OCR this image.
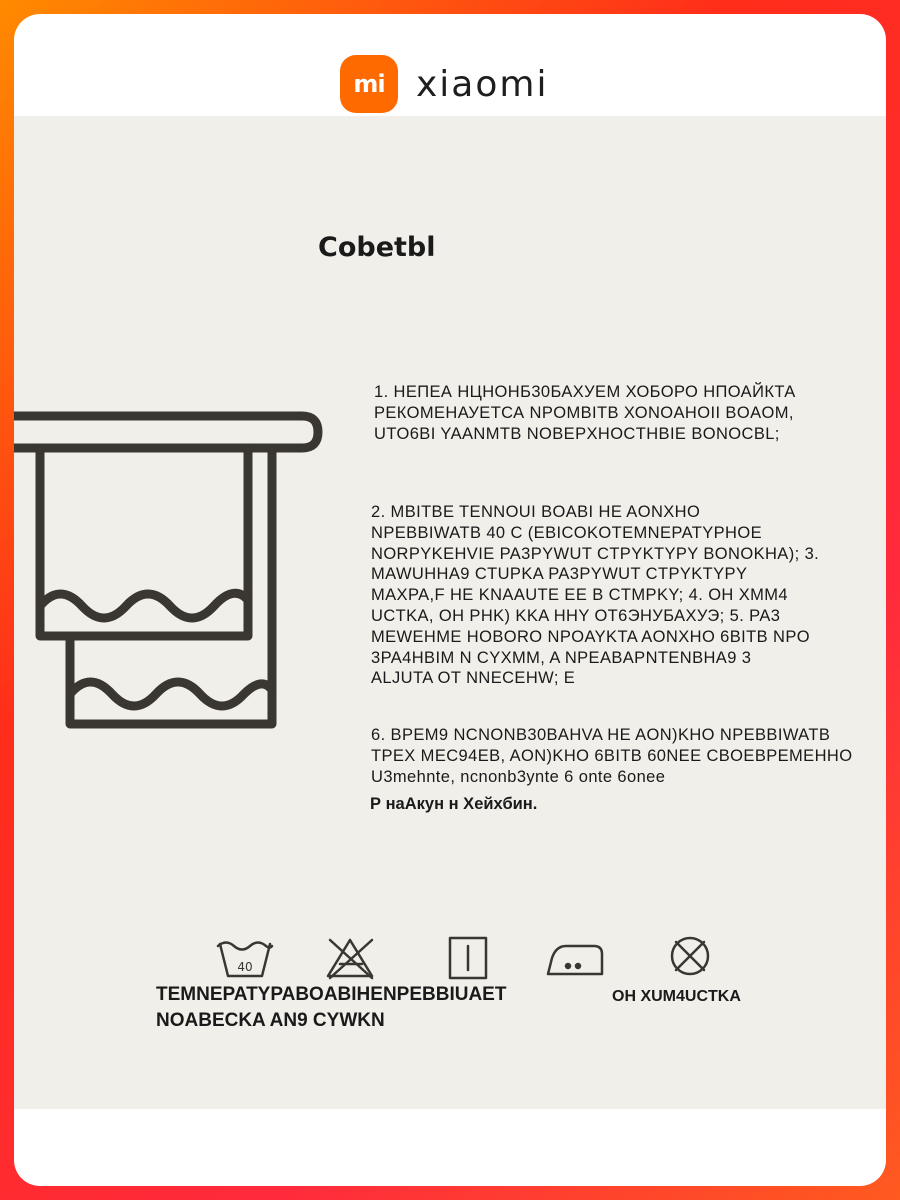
mi xiaomi
Cobetbl
1. НЕПЕА НЦНОНБ30БАХУЕМ ХОБОРО НПОАЙКТА
РЕКОМЕНАУЕТСА NPOMBITB ХОNOAНOII BOAOM,
UTO6BI YAANMTB NOBEPXHOCTHBIE BONOCBL;
2. MBITBE TENNOUI BOABI HE AONXHO
NPEBBIWATB 40 C (EBICOKOTEMNEPATYPHOE
NORPYKEHVIE PA3PYWUT CTPYKTYPY BONOKHA); 3.
MAWUHHA9 CTUPKA PA3PYWUT CTPYKTYPY
MAXPA,F HE KNAAUTE EE B CTMPKY; 4. OH XMM4
UCTKA, OH PHK) KKA HHY OT6ЭHУБАХУЭ; 5. PA3
MEWEHME HOBORO NPOAYKTA AONXHO 6BITB NPO
3PA4HBIM N CYXMM, A NPEABAPNTENBHA9 3
ALJUTA OT NNECEHW; E
6. BPEM9 NCNONB30BAHVA HE AON)KHO NPEBBIWATB
TPEX MEC94EB, AON)KHO 6BITB 60NEE CBOEBPEMEHHO
U3mehnte, ncnonb3ynte 6 onte 6onee
Р наАкун н Хейхбин.
40
TEMNEPATYPABOABIHENPEBBIUAET
NOABECKA AN9 CYWKN
OH XUM4UCTKA
